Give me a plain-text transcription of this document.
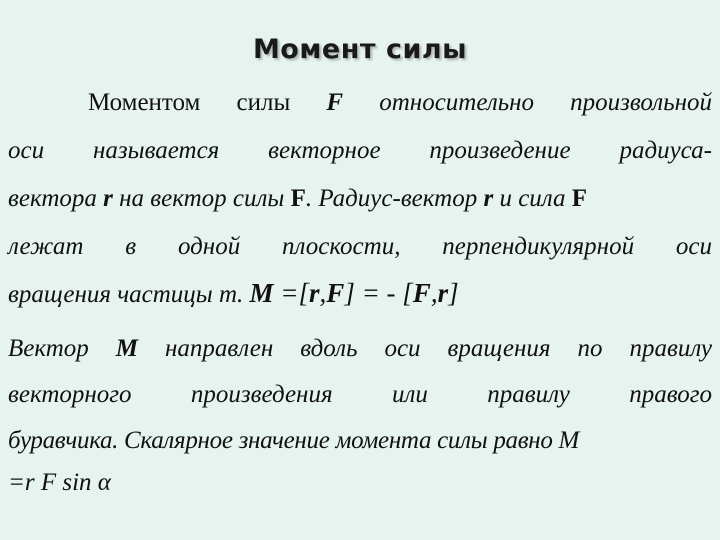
Момент силы
Моментом силы F относительно произвольной
оси называется векторное произведение радиуса-
вектора r на вектор силы F. Радиус-вектор r и сила F
лежат в одной плоскости, перпендикулярной оси
вращения частицы m. M =[r,F] = - [F,r]
Вектор M направлен вдоль оси вращения по правилу
векторного произведения или правилу правого
буравчика. Скалярное значение момента силы равно M
=r F sin α
